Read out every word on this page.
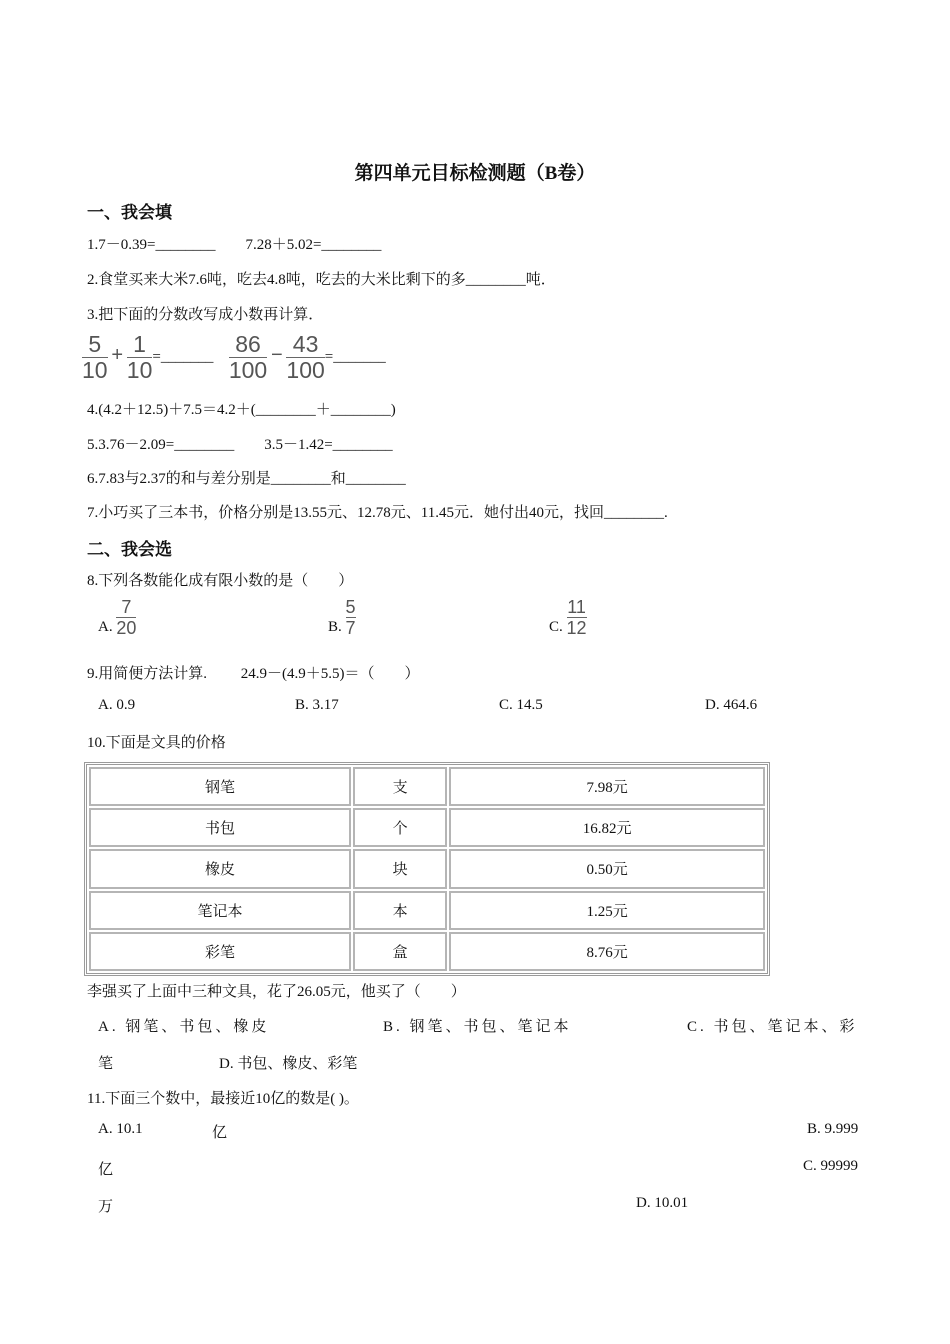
第四单元目标检测题（B卷）
一、我会填
1.7－0.39=________　　7.28＋5.02=________
2.食堂买来大米7.6吨，吃去4.8吨，吃去的大米比剩下的多________吨．
3.把下面的分数改写成小数再计算．
$\frac{5}{10} + \frac{1}{10}$ =_______ $\frac{86}{100} - \frac{43}{100}$ =_______
4.(4.2＋12.5)＋7.5＝4.2＋(________＋________)
5.3.76－2.09=________　　3.5－1.42=________
6.7.83与2.37的和与差分别是________和________
7.小巧买了三本书，价格分别是13.55元、12.78元、11.45元．她付出40元，找回________.
二、我会选
8.下列各数能化成有限小数的是（　　）
A. $\frac{7}{20}$	B. $\frac{5}{7}$	C. $\frac{11}{12}$
9.用简便方法计算.　　 24.9－(4.9＋5.5)＝（　　）
A. 0.9	B. 3.17	C. 14.5	D. 464.6
10.下面是文具的价格
钢笔	支	7.98元
书包	个	16.82元
橡皮	块	0.50元
笔记本	本	1.25元
彩笔	盒	8.76元
李强买了上面中三种文具，花了26.05元，他买了（　　）
A. 钢笔、书包、橡皮	B. 钢笔、书包、笔记本	C. 书包、笔记本、彩
笔	D. 书包、橡皮、彩笔
11.下面三个数中，最接近10亿的数是( )。
A. 10.1	亿	B. 9.999
亿	C. 99999
万	D. 10.01
